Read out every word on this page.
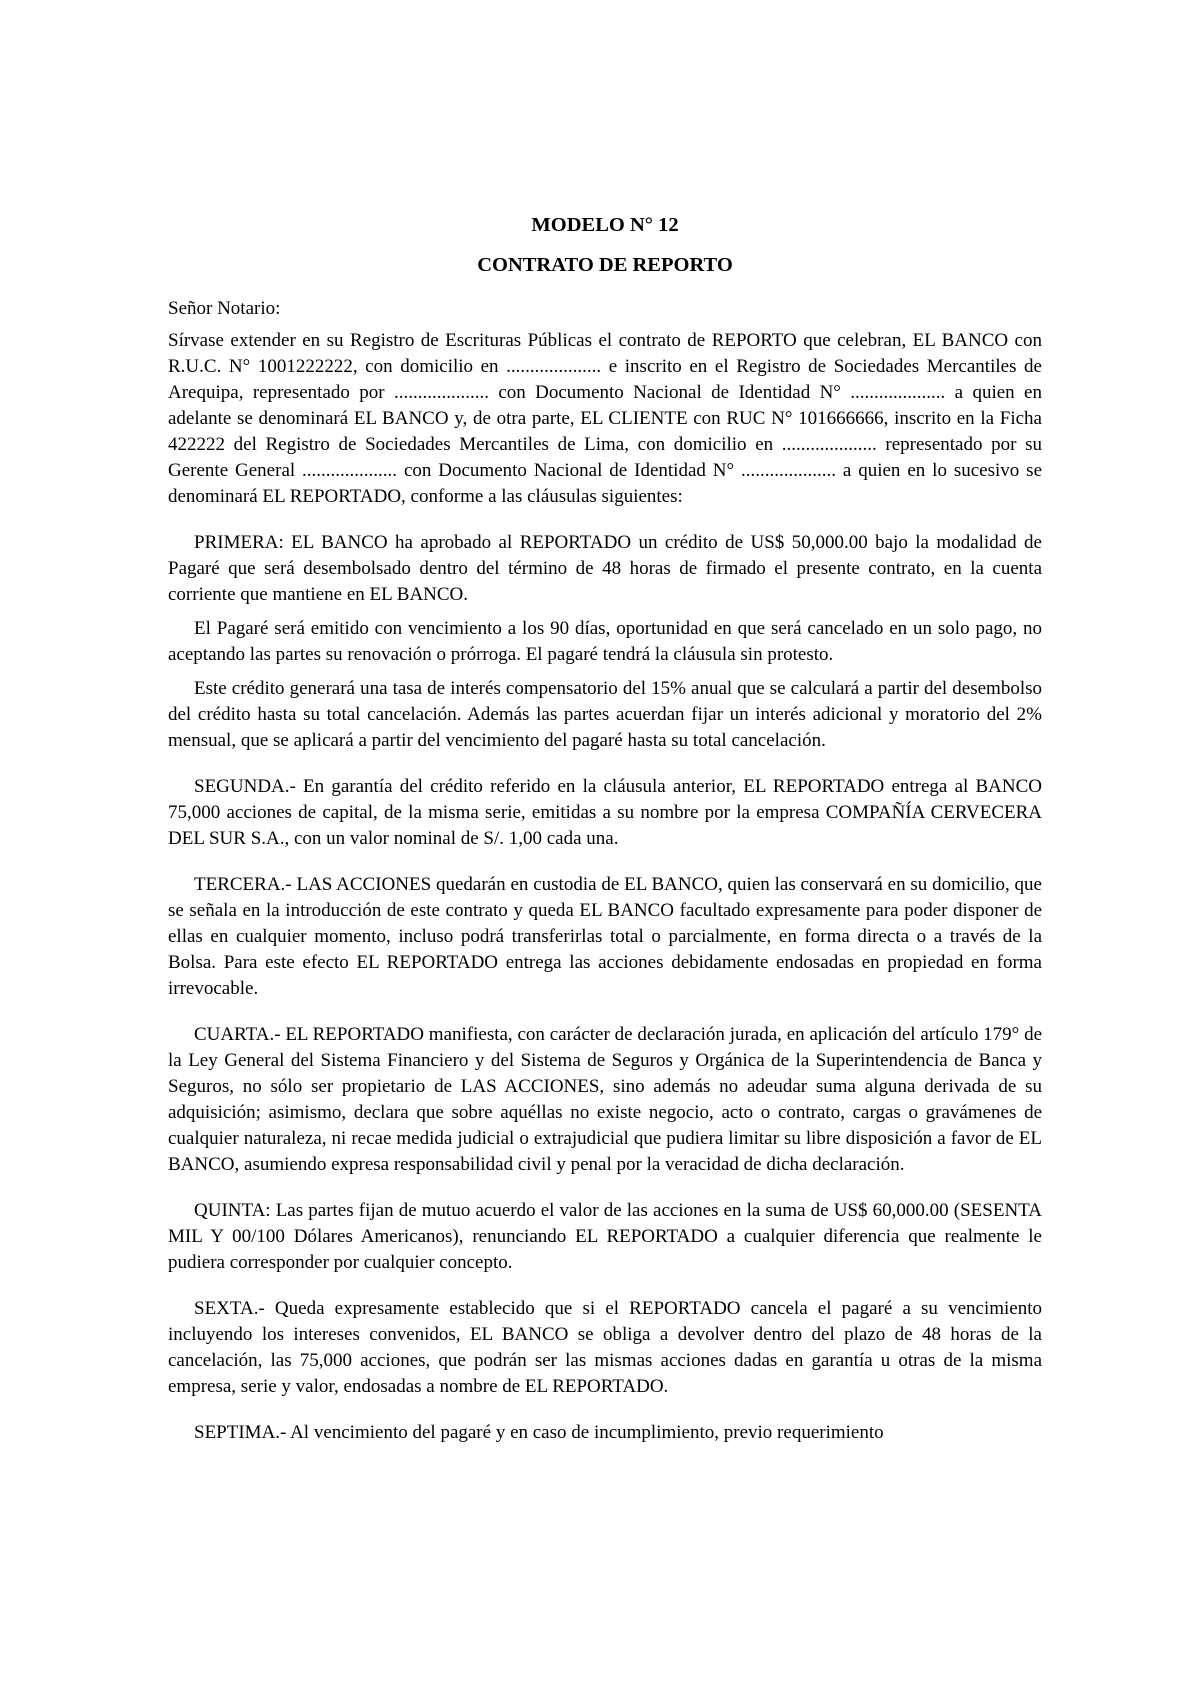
MODELO N° 12
CONTRATO DE REPORTO

Señor Notario:

Sírvase extender en su Registro de Escrituras Públicas el contrato de REPORTO que celebran, EL BANCO con R.U.C. N° 1001222222, con domicilio en .................... e inscrito en el Registro de Sociedades Mercantiles de Arequipa, representado por .................... con Documento Nacional de Identidad N° .................... a quien en adelante se denominará EL BANCO y, de otra parte, EL CLIENTE con RUC N° 101666666, inscrito en la Ficha 422222 del Registro de Sociedades Mercantiles de Lima, con domicilio en .................... representado por su Gerente General .................... con Documento Nacional de Identidad N° .................... a quien en lo sucesivo se denominará EL REPORTADO, conforme a las cláusulas siguientes:

PRIMERA: EL BANCO ha aprobado al REPORTADO un crédito de US$ 50,000.00 bajo la modalidad de Pagaré que será desembolsado dentro del término de 48 horas de firmado el presente contrato, en la cuenta corriente que mantiene en EL BANCO.

El Pagaré será emitido con vencimiento a los 90 días, oportunidad en que será cancelado en un solo pago, no aceptando las partes su renovación o prórroga. El pagaré tendrá la cláusula sin protesto.

Este crédito generará una tasa de interés compensatorio del 15% anual que se calculará a partir del desembolso del crédito hasta su total cancelación. Además las partes acuerdan fijar un interés adicional y moratorio del 2% mensual, que se aplicará a partir del vencimiento del pagaré hasta su total cancelación.

SEGUNDA.- En garantía del crédito referido en la cláusula anterior, EL REPORTADO entrega al BANCO 75,000 acciones de capital, de la misma serie, emitidas a su nombre por la empresa COMPAÑÍA CERVECERA DEL SUR S.A., con un valor nominal de S/. 1,00 cada una.

TERCERA.- LAS ACCIONES quedarán en custodia de EL BANCO, quien las conservará en su domicilio, que se señala en la introducción de este contrato y queda EL BANCO facultado expresamente para poder disponer de ellas en cualquier momento, incluso podrá transferirlas total o parcialmente, en forma directa o a través de la Bolsa. Para este efecto EL REPORTADO entrega las acciones debidamente endosadas en propiedad en forma irrevocable.

CUARTA.- EL REPORTADO manifiesta, con carácter de declaración jurada, en aplicación del artículo 179° de la Ley General del Sistema Financiero y del Sistema de Seguros y Orgánica de la Superintendencia de Banca y Seguros, no sólo ser propietario de LAS ACCIONES, sino además no adeudar suma alguna derivada de su adquisición; asimismo, declara que sobre aquéllas no existe negocio, acto o contrato, cargas o gravámenes de cualquier naturaleza, ni recae medida judicial o extrajudicial que pudiera limitar su libre disposición a favor de EL BANCO, asumiendo expresa responsabilidad civil y penal por la veracidad de dicha declaración.

QUINTA: Las partes fijan de mutuo acuerdo el valor de las acciones en la suma de US$ 60,000.00 (SESENTA MIL Y 00/100 Dólares Americanos), renunciando EL REPORTADO a cualquier diferencia que realmente le pudiera corresponder por cualquier concepto.

SEXTA.- Queda expresamente establecido que si el REPORTADO cancela el pagaré a su vencimiento incluyendo los intereses convenidos, EL BANCO se obliga a devolver dentro del plazo de 48 horas de la cancelación, las 75,000 acciones, que podrán ser las mismas acciones dadas en garantía u otras de la misma empresa, serie y valor, endosadas a nombre de EL REPORTADO.

SEPTIMA.- Al vencimiento del pagaré y en caso de incumplimiento, previo requerimiento
